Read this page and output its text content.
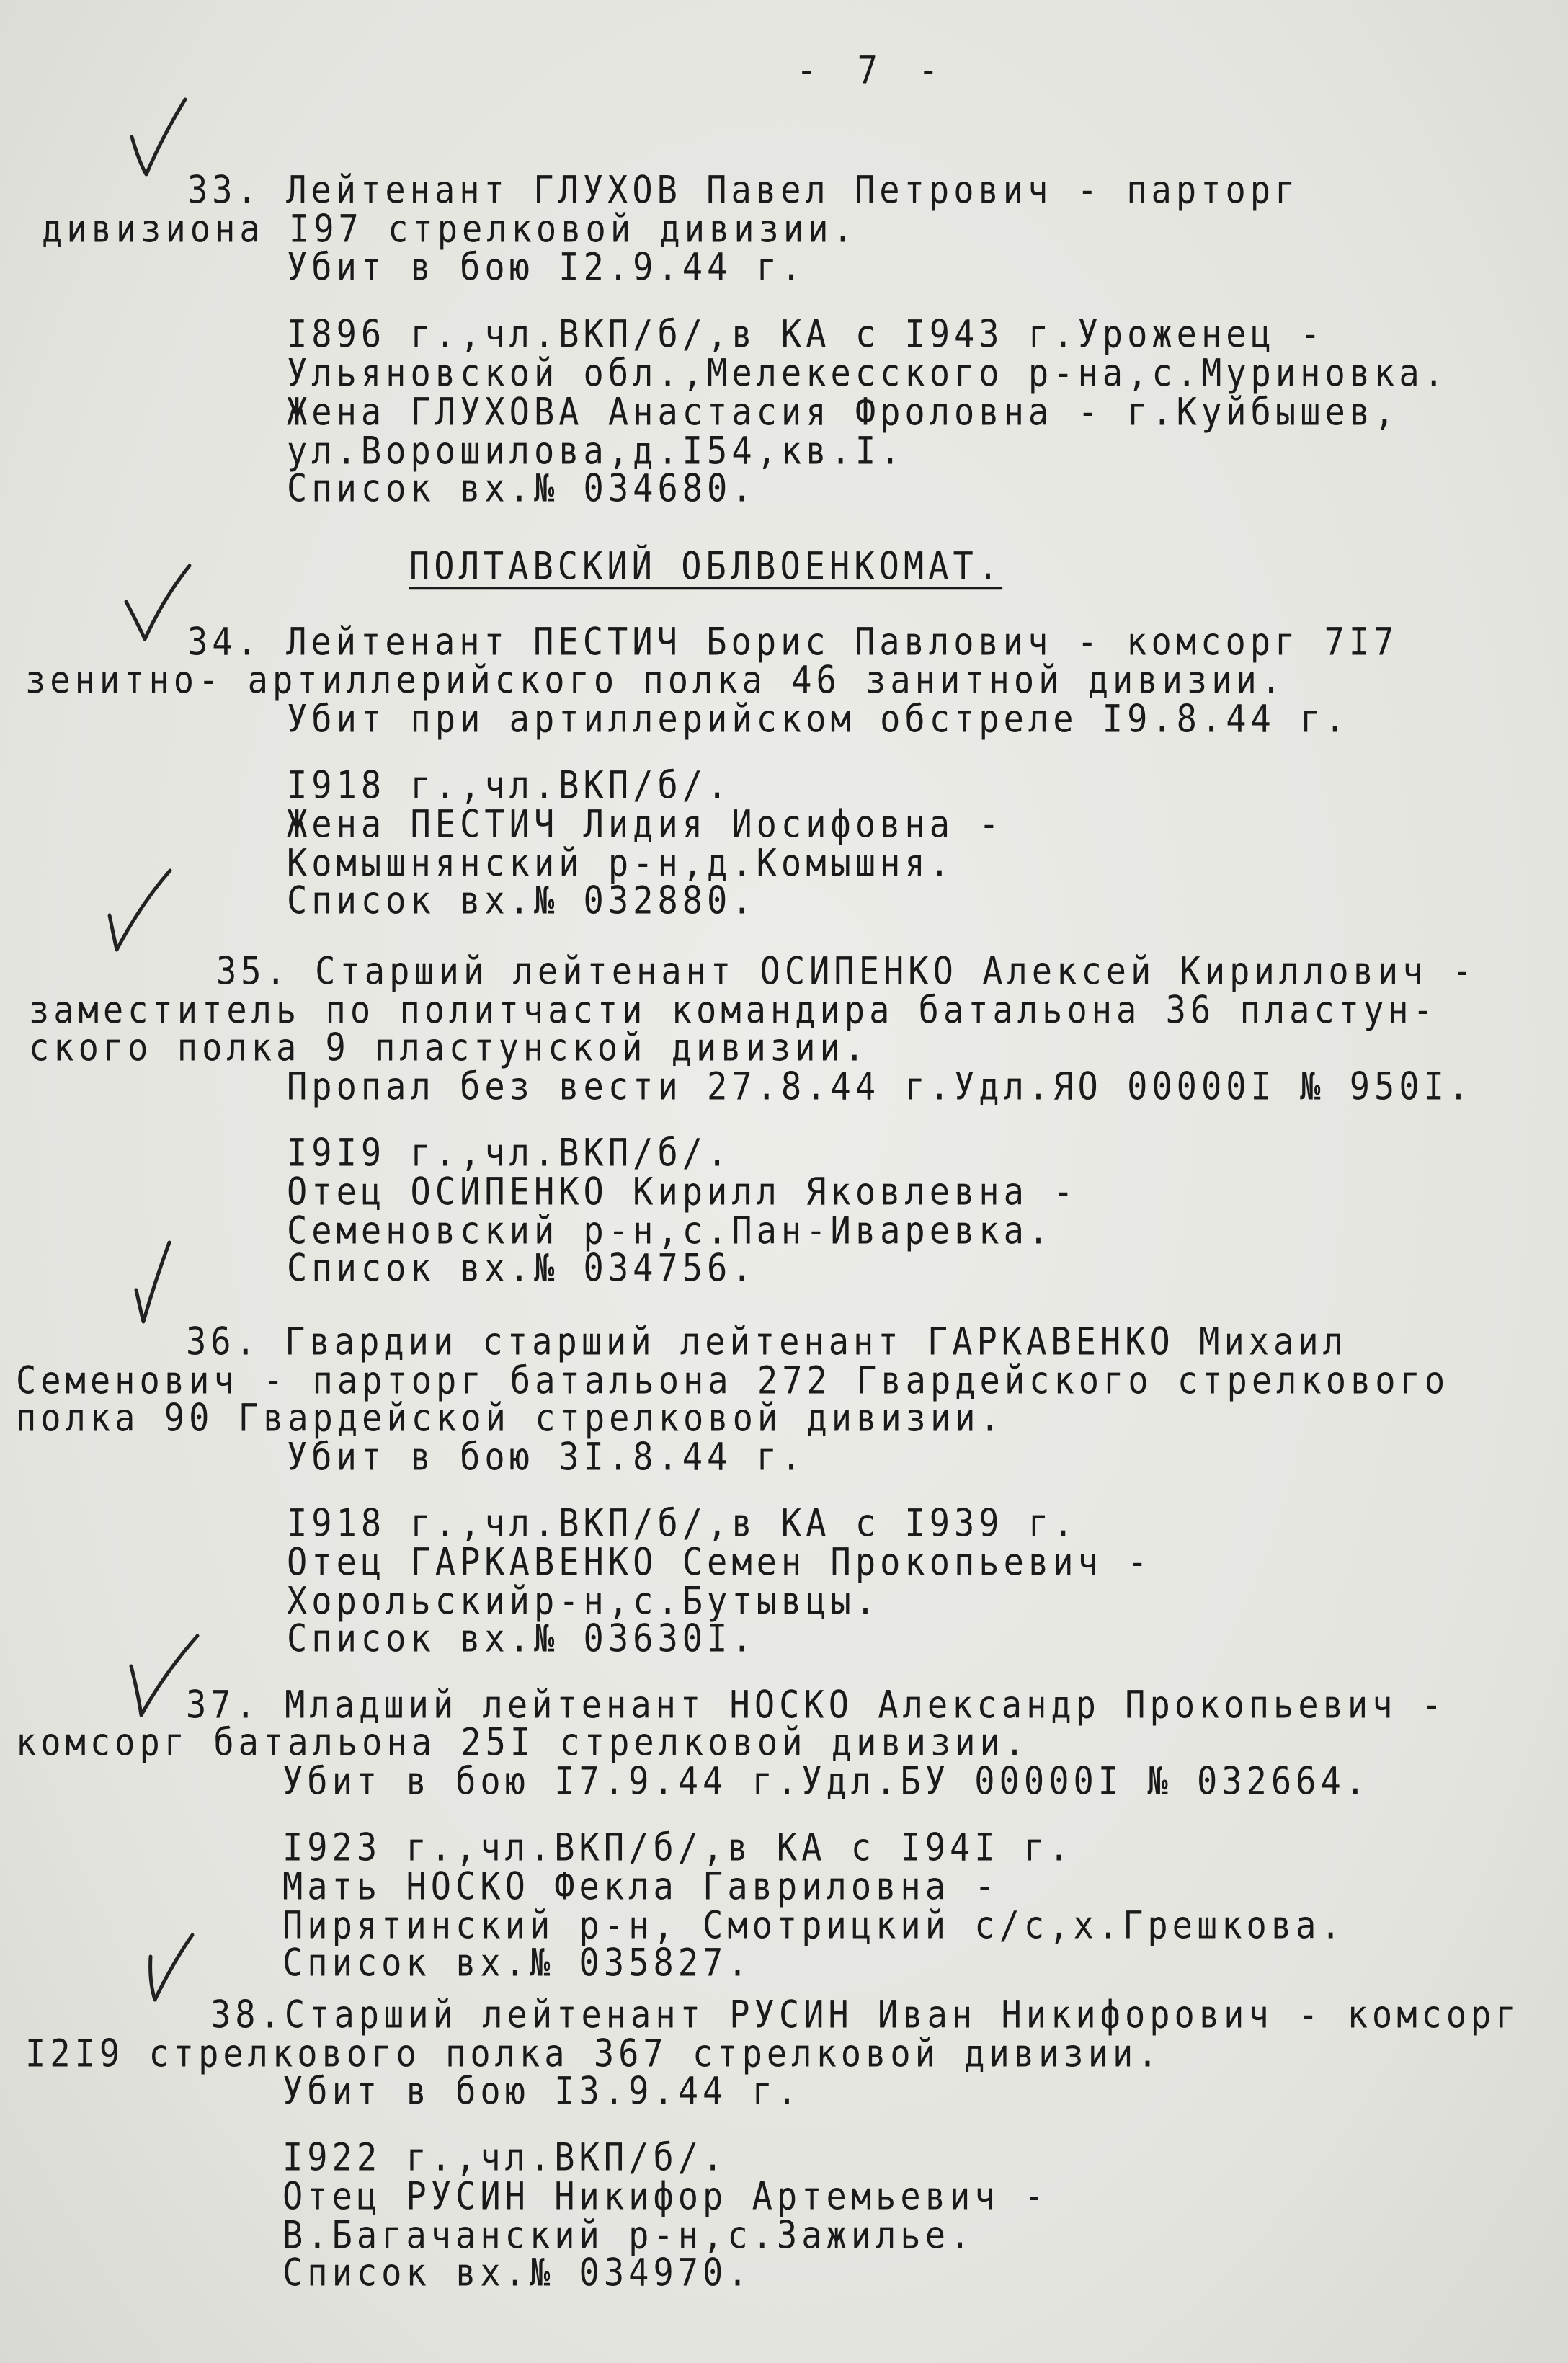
- 7 -
33. Лейтенант ГЛУХОВ Павел Петрович - парторг
дивизиона I97 стрелковой дивизии.
Убит в бою I2.9.44 г.
I896 г.,чл.ВКП/б/,в КА с I943 г.Уроженец -
Ульяновской обл.,Мелекесского р-на,с.Муриновка.
Жена ГЛУХОВА Анастасия Фроловна - г.Куйбышев,
ул.Ворошилова,д.I54,кв.I.
Список вх.№ 034680.
ПОЛТАВСКИЙ ОБЛВОЕНКОМАТ.
34. Лейтенант ПЕСТИЧ Борис Павлович - комсорг 7I7
зенитно- артиллерийского полка 46 занитной дивизии.
Убит при артиллерийском обстреле I9.8.44 г.
I918 г.,чл.ВКП/б/.
Жена ПЕСТИЧ Лидия Иосифовна -
Комышнянский р-н,д.Комышня.
Список вх.№ 032880.
35. Старший лейтенант ОСИПЕНКО Алексей Кириллович -
заместитель по политчасти командира батальона 36 пластун-
ского полка 9 пластунской дивизии.
Пропал без вести 27.8.44 г.Удл.ЯО 00000I № 950I.
I9I9 г.,чл.ВКП/б/.
Отец ОСИПЕНКО Кирилл Яковлевна -
Семеновский р-н,с.Пан-Иваревка.
Список вх.№ 034756.
36. Гвардии старший лейтенант ГАРКАВЕНКО Михаил
Семенович - парторг батальона 272 Гвардейского стрелкового
полка 90 Гвардейской стрелковой дивизии.
Убит в бою 3I.8.44 г.
I918 г.,чл.ВКП/б/,в КА с I939 г.
Отец ГАРКАВЕНКО Семен Прокопьевич -
Хорольскийр-н,с.Бутывцы.
Список вх.№ 03630I.
37. Младший лейтенант НОСКО Александр Прокопьевич -
комсорг батальона 25I стрелковой дивизии.
Убит в бою I7.9.44 г.Удл.БУ 00000I № 032664.
I923 г.,чл.ВКП/б/,в КА с I94I г.
Мать НОСКО Фекла Гавриловна -
Пирятинский р-н, Смотрицкий с/с,х.Грешкова.
Список вх.№ 035827.
38.Старший лейтенант РУСИН Иван Никифорович - комсорг
I2I9 стрелкового полка 367 стрелковой дивизии.
Убит в бою I3.9.44 г.
I922 г.,чл.ВКП/б/.
Отец РУСИН Никифор Артемьевич -
В.Багачанский р-н,с.Зажилье.
Список вх.№ 034970.
